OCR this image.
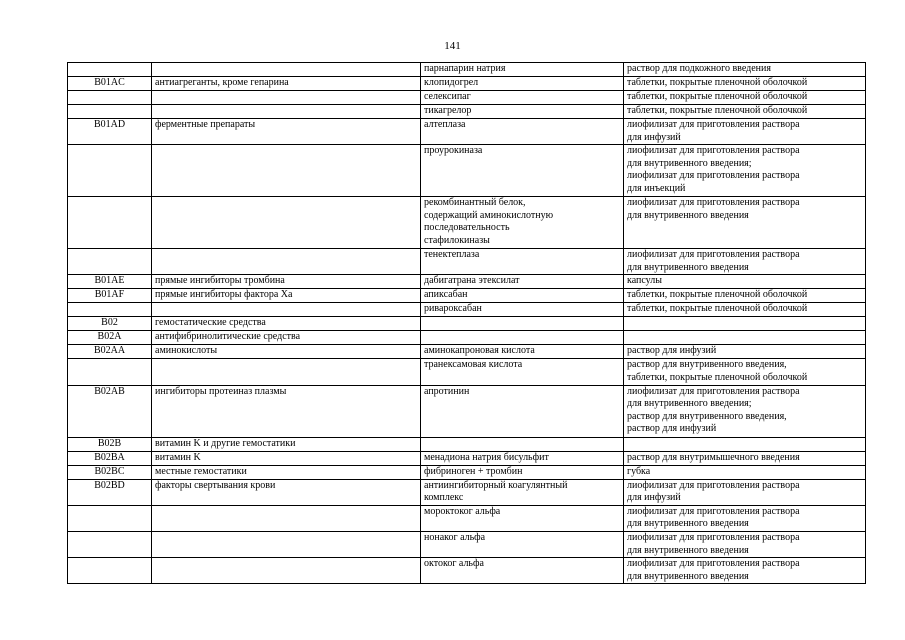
141
		парнапарин натрия	раствор для подкожного введения
B01AC	антиагреганты, кроме гепарина	клопидогрел	таблетки, покрытые пленочной оболочкой
		селексипаг	таблетки, покрытые пленочной оболочкой
		тикагрелор	таблетки, покрытые пленочной оболочкой
B01AD	ферментные препараты	алтеплаза	лиофилизат для приготовления раствора
для инфузий
		проурокиназа	лиофилизат для приготовления раствора
для внутривенного введения;
лиофилизат для приготовления раствора
для инъекций
		рекомбинантный белок,
содержащий аминокислотную
последовательность
стафилокиназы	лиофилизат для приготовления раствора
для внутривенного введения
		тенектеплаза	лиофилизат для приготовления раствора
для внутривенного введения
B01AE	прямые ингибиторы тромбина	дабигатрана этексилат	капсулы
B01AF	прямые ингибиторы фактора Xa	апиксабан	таблетки, покрытые пленочной оболочкой
		ривароксабан	таблетки, покрытые пленочной оболочкой
B02	гемостатические средства		
B02A	антифибринолитические средства		
B02AA	аминокислоты	аминокапроновая кислота	раствор для инфузий
		транексамовая кислота	раствор для внутривенного введения,
таблетки, покрытые пленочной оболочкой
B02AB	ингибиторы протеиназ плазмы	апротинин	лиофилизат для приготовления раствора
для внутривенного введения;
раствор для внутривенного введения,
раствор для инфузий
B02B	витамин K и другие гемостатики		
B02BA	витамин K	менадиона натрия бисульфит	раствор для внутримышечного введения
B02BC	местные гемостатики	фибриноген + тромбин	губка
B02BD	факторы свертывания крови	антиингибиторный коагулянтный
комплекс	лиофилизат для приготовления раствора
для инфузий
		мороктоког альфа	лиофилизат для приготовления раствора
для внутривенного введения
		нонаког альфа	лиофилизат для приготовления раствора
для внутривенного введения
		октоког альфа	лиофилизат для приготовления раствора
для внутривенного введения
